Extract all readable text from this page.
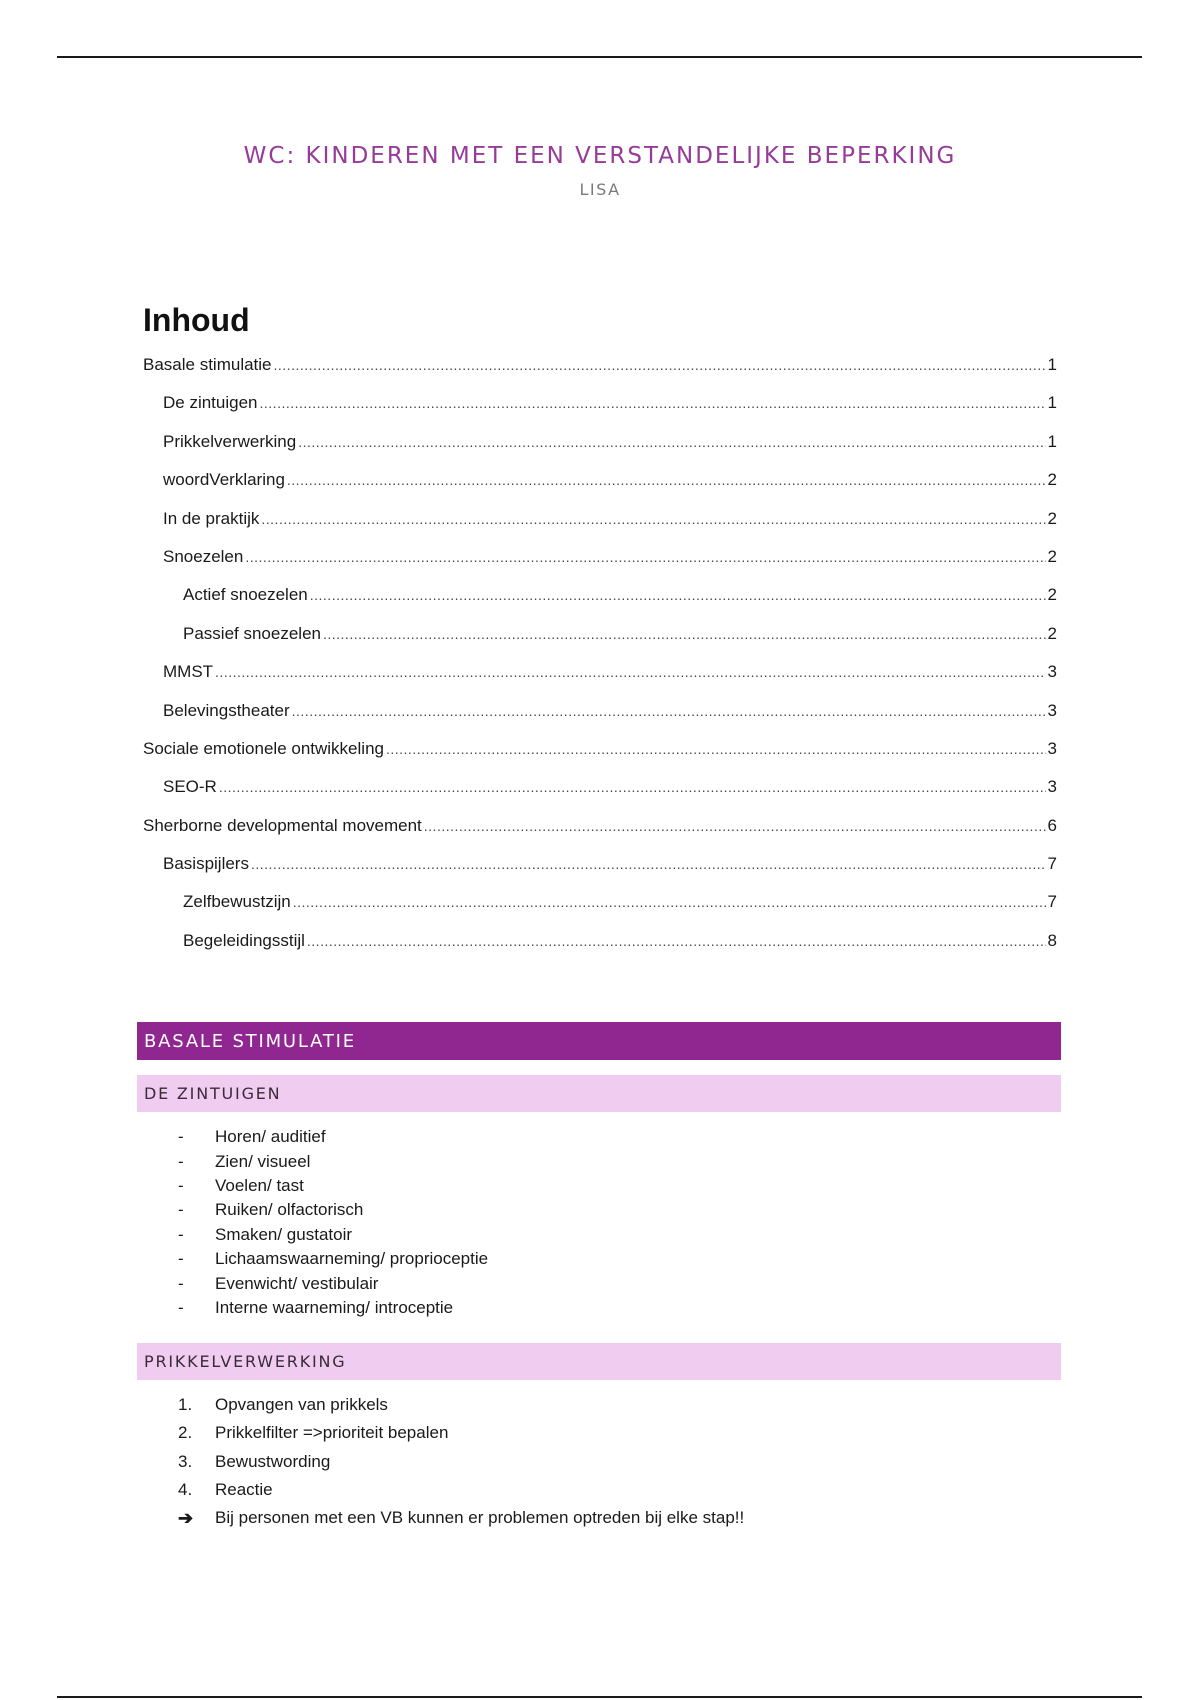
WC: KINDEREN MET EEN VERSTANDELIJKE BEPERKING
LISA
Inhoud
Basale stimulatie .....	1
De zintuigen .....	1
Prikkelverwerking .....	1
woordVerklaring .....	2
In de praktijk .....	2
Snoezelen .....	2
Actief snoezelen .....	2
Passief snoezelen .....	2
MMST .....	3
Belevingstheater .....	3
Sociale emotionele ontwikkeling .....	3
SEO-R .....	3
Sherborne developmental movement .....	6
Basispijlers .....	7
Zelfbewustzijn .....	7
Begeleidingsstijl .....	8
BASALE STIMULATIE
DE ZINTUIGEN
-	Horen/ auditief
-	Zien/ visueel
-	Voelen/ tast
-	Ruiken/ olfactorisch
-	Smaken/ gustatoir
-	Lichaamswaarneming/ proprioceptie
-	Evenwicht/ vestibulair
-	Interne waarneming/ introceptie
PRIKKELVERWERKING
1.	Opvangen van prikkels
2.	Prikkelfilter =>prioriteit bepalen
3.	Bewustwording
4.	Reactie
➔	Bij personen met een VB kunnen er problemen optreden bij elke stap!!
